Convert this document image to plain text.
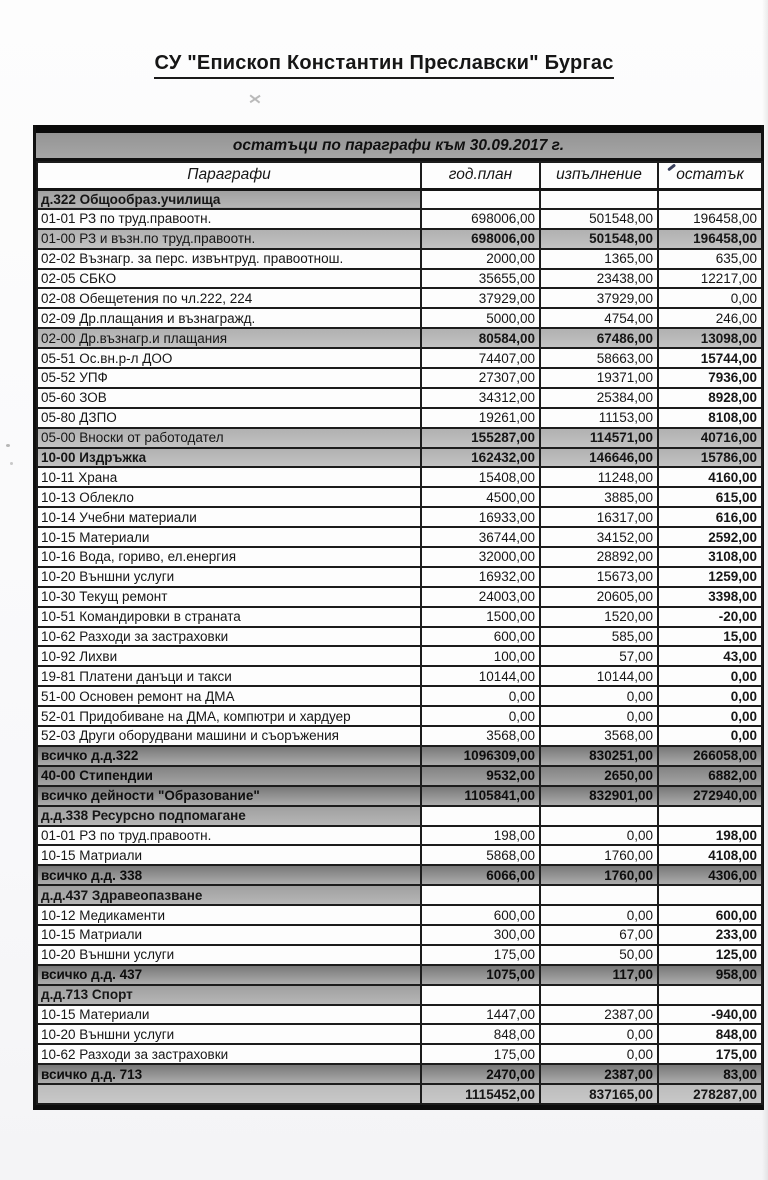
СУ "Епископ Константин Преславски" Бургас
остатъци по параграфи към 30.09.2017 г.
Параграфи	год.план	изпълнение	остатък
д.322 Общообраз.училища			
01-01 РЗ по труд.правоотн.	698006,00	501548,00	196458,00
01-00 РЗ и възн.по труд.правоотн.	698006,00	501548,00	196458,00
02-02 Възнагр. за перс. извънтруд. правоотнош.	2000,00	1365,00	635,00
02-05 СБКО	35655,00	23438,00	12217,00
02-08 Обещетения по чл.222, 224	37929,00	37929,00	0,00
02-09 Др.плащания и възнагражд.	5000,00	4754,00	246,00
02-00 Др.възнагр.и плащания	80584,00	67486,00	13098,00
05-51 Ос.вн.р-л ДОО	74407,00	58663,00	15744,00
05-52 УПФ	27307,00	19371,00	7936,00
05-60 ЗОВ	34312,00	25384,00	8928,00
05-80 ДЗПО	19261,00	11153,00	8108,00
05-00 Вноски от работодател	155287,00	114571,00	40716,00
10-00 Издръжка	162432,00	146646,00	15786,00
10-11 Храна	15408,00	11248,00	4160,00
10-13 Облекло	4500,00	3885,00	615,00
10-14 Учебни материали	16933,00	16317,00	616,00
10-15 Материали	36744,00	34152,00	2592,00
10-16 Вода, гориво, ел.енергия	32000,00	28892,00	3108,00
10-20 Външни услуги	16932,00	15673,00	1259,00
10-30 Текущ ремонт	24003,00	20605,00	3398,00
10-51 Командировки в страната	1500,00	1520,00	-20,00
10-62 Разходи за застраховки	600,00	585,00	15,00
10-92 Лихви	100,00	57,00	43,00
19-81 Платени данъци и такси	10144,00	10144,00	0,00
51-00 Основен ремонт на ДМА	0,00	0,00	0,00
52-01 Придобиване на ДМА, компютри и хардуер	0,00	0,00	0,00
52-03 Други оборудвани машини и съоръжения	3568,00	3568,00	0,00
всичко д.д.322	1096309,00	830251,00	266058,00
40-00 Стипендии	9532,00	2650,00	6882,00
всичко дейности "Образование"	1105841,00	832901,00	272940,00
д.д.338 Ресурсно подпомагане			
01-01 РЗ по труд.правоотн.	198,00	0,00	198,00
10-15 Матриали	5868,00	1760,00	4108,00
всичко д.д. 338	6066,00	1760,00	4306,00
д.д.437 Здравеопазване			
10-12 Медикаменти	600,00	0,00	600,00
10-15 Матриали	300,00	67,00	233,00
10-20 Външни услуги	175,00	50,00	125,00
всичко д.д. 437	1075,00	117,00	958,00
д.д.713 Спорт			
10-15 Материали	1447,00	2387,00	-940,00
10-20 Външни услуги	848,00	0,00	848,00
10-62 Разходи за застраховки	175,00	0,00	175,00
всичко д.д. 713	2470,00	2387,00	83,00
	1115452,00	837165,00	278287,00
